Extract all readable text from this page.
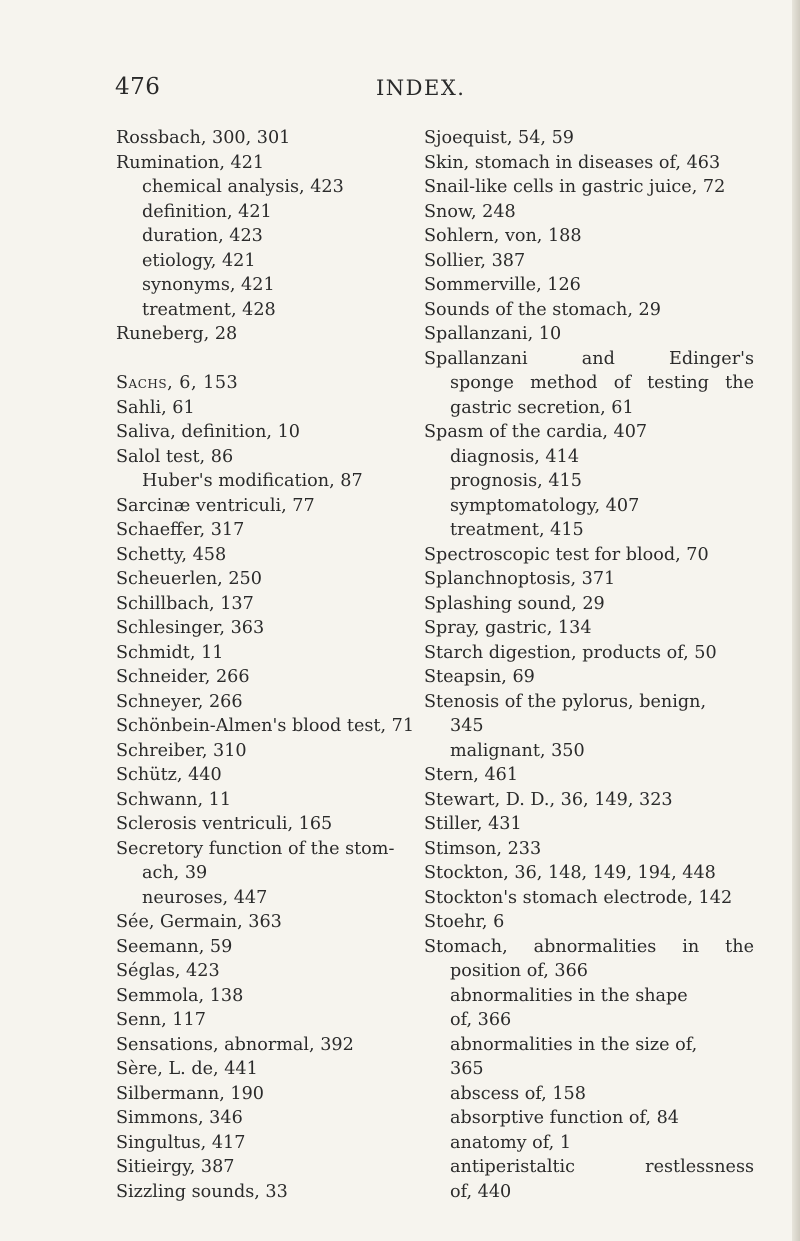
476	INDEX.
Rossbach, 300, 301
Rumination, 421
chemical analysis, 423
definition, 421
duration, 423
etiology, 421
synonyms, 421
treatment, 428
Runeberg, 28
Sachs, 6, 153
Sahli, 61
Saliva, definition, 10
Salol test, 86
Huber's modification, 87
Sarcinæ ventriculi, 77
Schaeffer, 317
Schetty, 458
Scheuerlen, 250
Schillbach, 137
Schlesinger, 363
Schmidt, 11
Schneider, 266
Schneyer, 266
Schönbein-Almen's blood test, 71
Schreiber, 310
Schütz, 440
Schwann, 11
Sclerosis ventriculi, 165
Secretory function of the stom-
ach, 39
neuroses, 447
Sée, Germain, 363
Seemann, 59
Séglas, 423
Semmola, 138
Senn, 117
Sensations, abnormal, 392
Sère, L. de, 441
Silbermann, 190
Simmons, 346
Singultus, 417
Sitieirgy, 387
Sizzling sounds, 33
Sjoequist, 54, 59
Skin, stomach in diseases of, 463
Snail-like cells in gastric juice, 72
Snow, 248
Sohlern, von, 188
Sollier, 387
Sommerville, 126
Sounds of the stomach, 29
Spallanzani, 10
Spallanzani and Edinger's
sponge method of testing the
gastric secretion, 61
Spasm of the cardia, 407
diagnosis, 414
prognosis, 415
symptomatology, 407
treatment, 415
Spectroscopic test for blood, 70
Splanchnoptosis, 371
Splashing sound, 29
Spray, gastric, 134
Starch digestion, products of, 50
Steapsin, 69
Stenosis of the pylorus, benign,
345
malignant, 350
Stern, 461
Stewart, D. D., 36, 149, 323
Stiller, 431
Stimson, 233
Stockton, 36, 148, 149, 194, 448
Stockton's stomach electrode, 142
Stoehr, 6
Stomach, abnormalities in the
position of, 366
abnormalities in the shape
of, 366
abnormalities in the size of,
365
abscess of, 158
absorptive function of, 84
anatomy of, 1
antiperistaltic restlessness
of, 440
